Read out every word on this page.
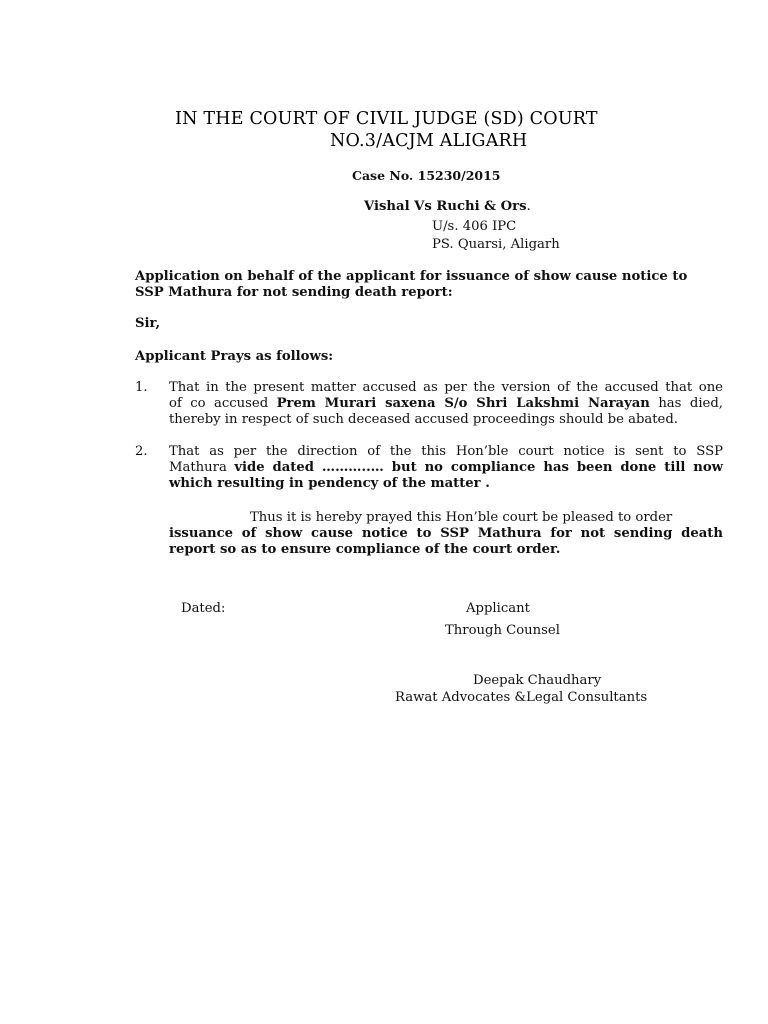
IN THE COURT OF CIVIL JUDGE (SD) COURT
NO.3/ACJM ALIGARH
Case No. 15230/2015
Vishal Vs Ruchi & Ors.
U/s. 406 IPC
PS. Quarsi, Aligarh
Application on behalf of the applicant for issuance of show cause notice to
SSP Mathura for not sending death report:
Sir,
Applicant Prays as follows:
1. That in the present matter accused as per the version of the accused that one
of co accused Prem Murari saxena S/o Shri Lakshmi Narayan has died,
thereby in respect of such deceased accused proceedings should be abated.
2. That as per the direction of the this Hon’ble court notice is sent to SSP
Mathura vide dated ………..… but no compliance has been done till now
which resulting in pendency of the matter .
Thus it is hereby prayed this Hon’ble court be pleased to order
issuance of show cause notice to SSP Mathura for not sending death
report so as to ensure compliance of the court order.
Dated:	Applicant
Through Counsel
Deepak Chaudhary
Rawat Advocates &Legal Consultants
